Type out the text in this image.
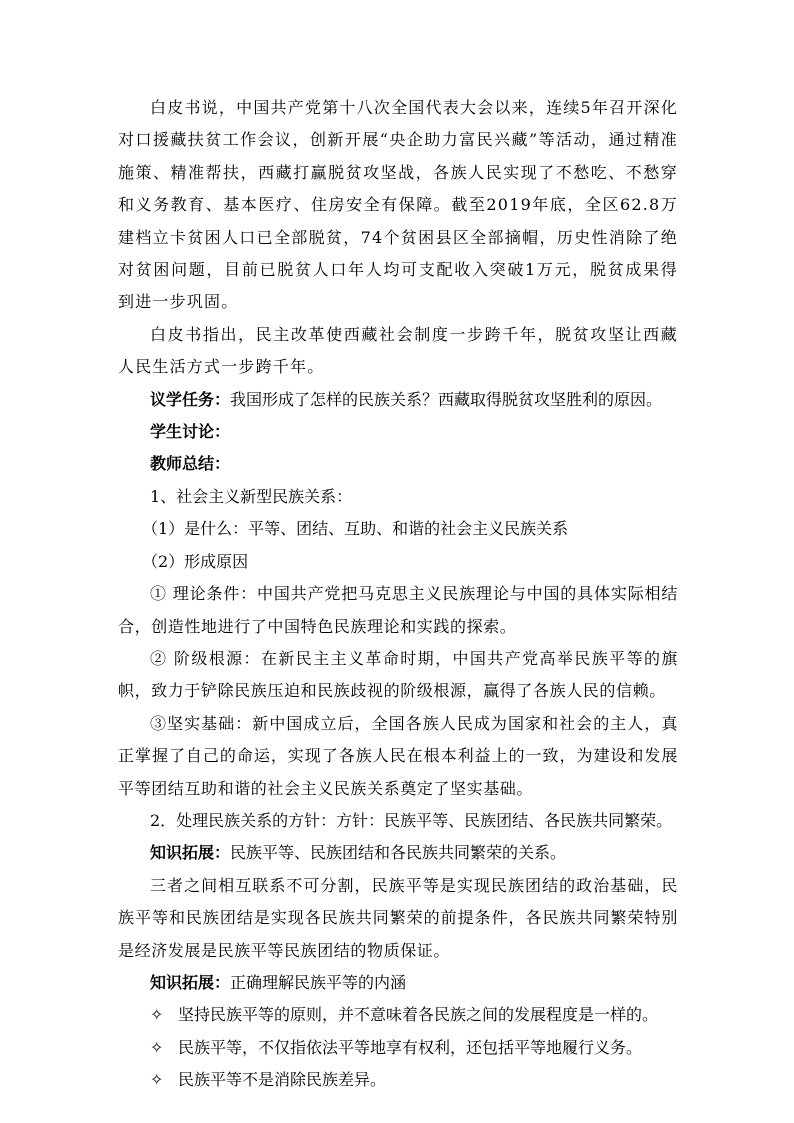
白皮书说，中国共产党第十八次全国代表大会以来，连续5年召开深化对口援藏扶贫工作会议，创新开展“央企助力富民兴藏”等活动，通过精准施策、精准帮扶，西藏打赢脱贫攻坚战，各族人民实现了不愁吃、不愁穿和义务教育、基本医疗、住房安全有保障。截至2019年底，全区62.8万建档立卡贫困人口已全部脱贫，74个贫困县区全部摘帽，历史性消除了绝对贫困问题，目前已脱贫人口年人均可支配收入突破1万元，脱贫成果得到进一步巩固。

白皮书指出，民主改革使西藏社会制度一步跨千年，脱贫攻坚让西藏人民生活方式一步跨千年。

议学任务：我国形成了怎样的民族关系？西藏取得脱贫攻坚胜利的原因。

学生讨论：

教师总结：

1、社会主义新型民族关系：

（1）是什么：平等、团结、互助、和谐的社会主义民族关系

（2）形成原因

① 理论条件：中国共产党把马克思主义民族理论与中国的具体实际相结合，创造性地进行了中国特色民族理论和实践的探索。

② 阶级根源：在新民主主义革命时期，中国共产党高举民族平等的旗帜，致力于铲除民族压迫和民族歧视的阶级根源，赢得了各族人民的信赖。

③坚实基础：新中国成立后，全国各族人民成为国家和社会的主人，真正掌握了自己的命运，实现了各族人民在根本利益上的一致，为建设和发展平等团结互助和谐的社会主义民族关系奠定了坚实基础。

2．处理民族关系的方针：方针：民族平等、民族团结、各民族共同繁荣。

知识拓展：民族平等、民族团结和各民族共同繁荣的关系。

三者之间相互联系不可分割，民族平等是实现民族团结的政治基础，民族平等和民族团结是实现各民族共同繁荣的前提条件，各民族共同繁荣特别是经济发展是民族平等民族团结的物质保证。

知识拓展：正确理解民族平等的内涵

✧ 坚持民族平等的原则，并不意味着各民族之间的发展程度是一样的。

✧ 民族平等，不仅指依法平等地享有权利，还包括平等地履行义务。

✧ 民族平等不是消除民族差异。
